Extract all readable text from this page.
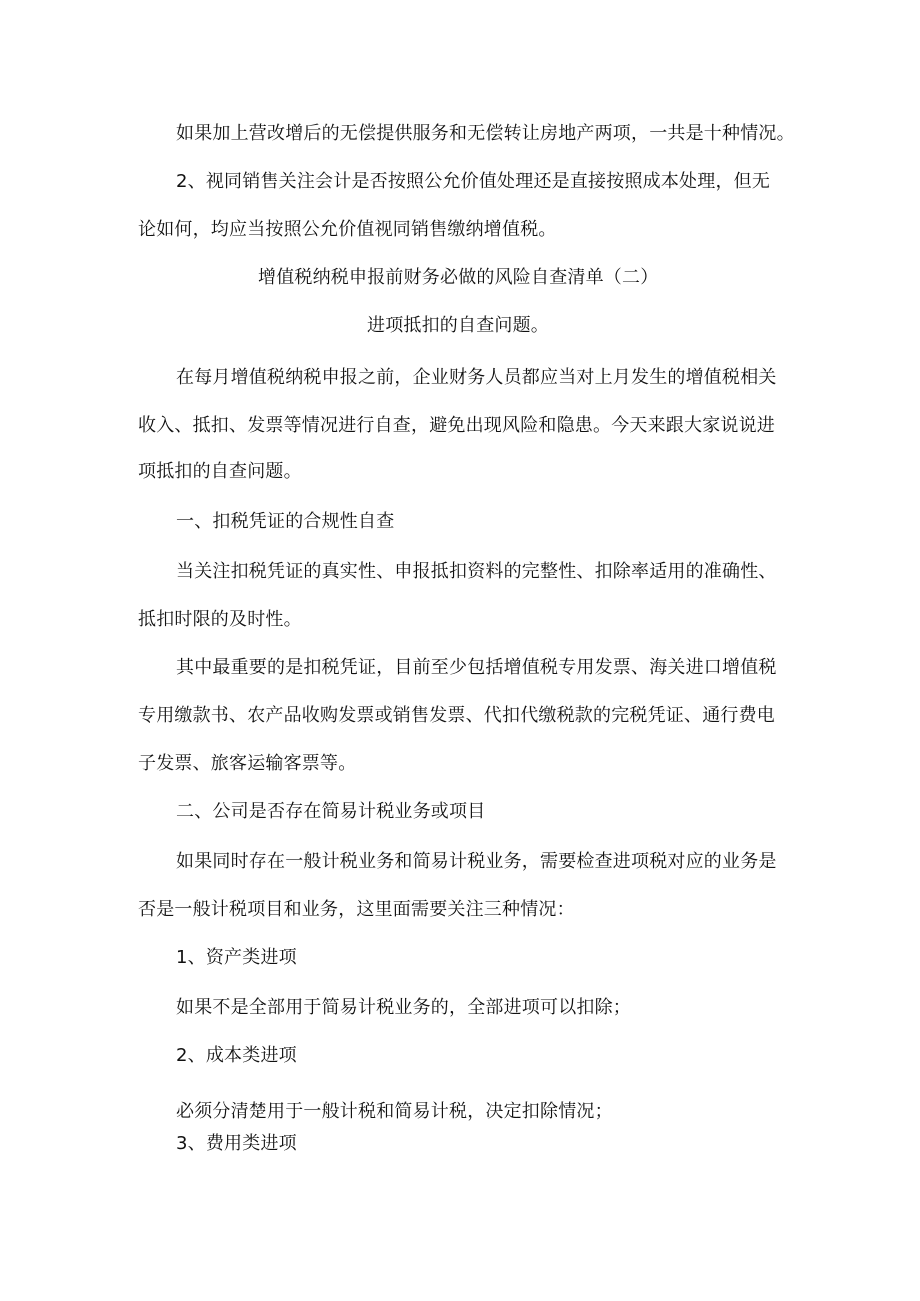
如果加上营改增后的无偿提供服务和无偿转让房地产两项，一共是十种情况。
2、视同销售关注会计是否按照公允价值处理还是直接按照成本处理，但无
论如何，均应当按照公允价值视同销售缴纳增值税。
增值税纳税申报前财务必做的风险自查清单（二）
进项抵扣的自查问题。
在每月增值税纳税申报之前，企业财务人员都应当对上月发生的增值税相关
收入、抵扣、发票等情况进行自查，避免出现风险和隐患。今天来跟大家说说进
项抵扣的自查问题。
一、扣税凭证的合规性自查
当关注扣税凭证的真实性、申报抵扣资料的完整性、扣除率适用的准确性、
抵扣时限的及时性。
其中最重要的是扣税凭证，目前至少包括增值税专用发票、海关进口增值税
专用缴款书、农产品收购发票或销售发票、代扣代缴税款的完税凭证、通行费电
子发票、旅客运输客票等。
二、公司是否存在简易计税业务或项目
如果同时存在一般计税业务和简易计税业务，需要检查进项税对应的业务是
否是一般计税项目和业务，这里面需要关注三种情况：
1、资产类进项
如果不是全部用于简易计税业务的，全部进项可以扣除；
2、成本类进项
必须分清楚用于一般计税和简易计税，决定扣除情况；
3、费用类进项
